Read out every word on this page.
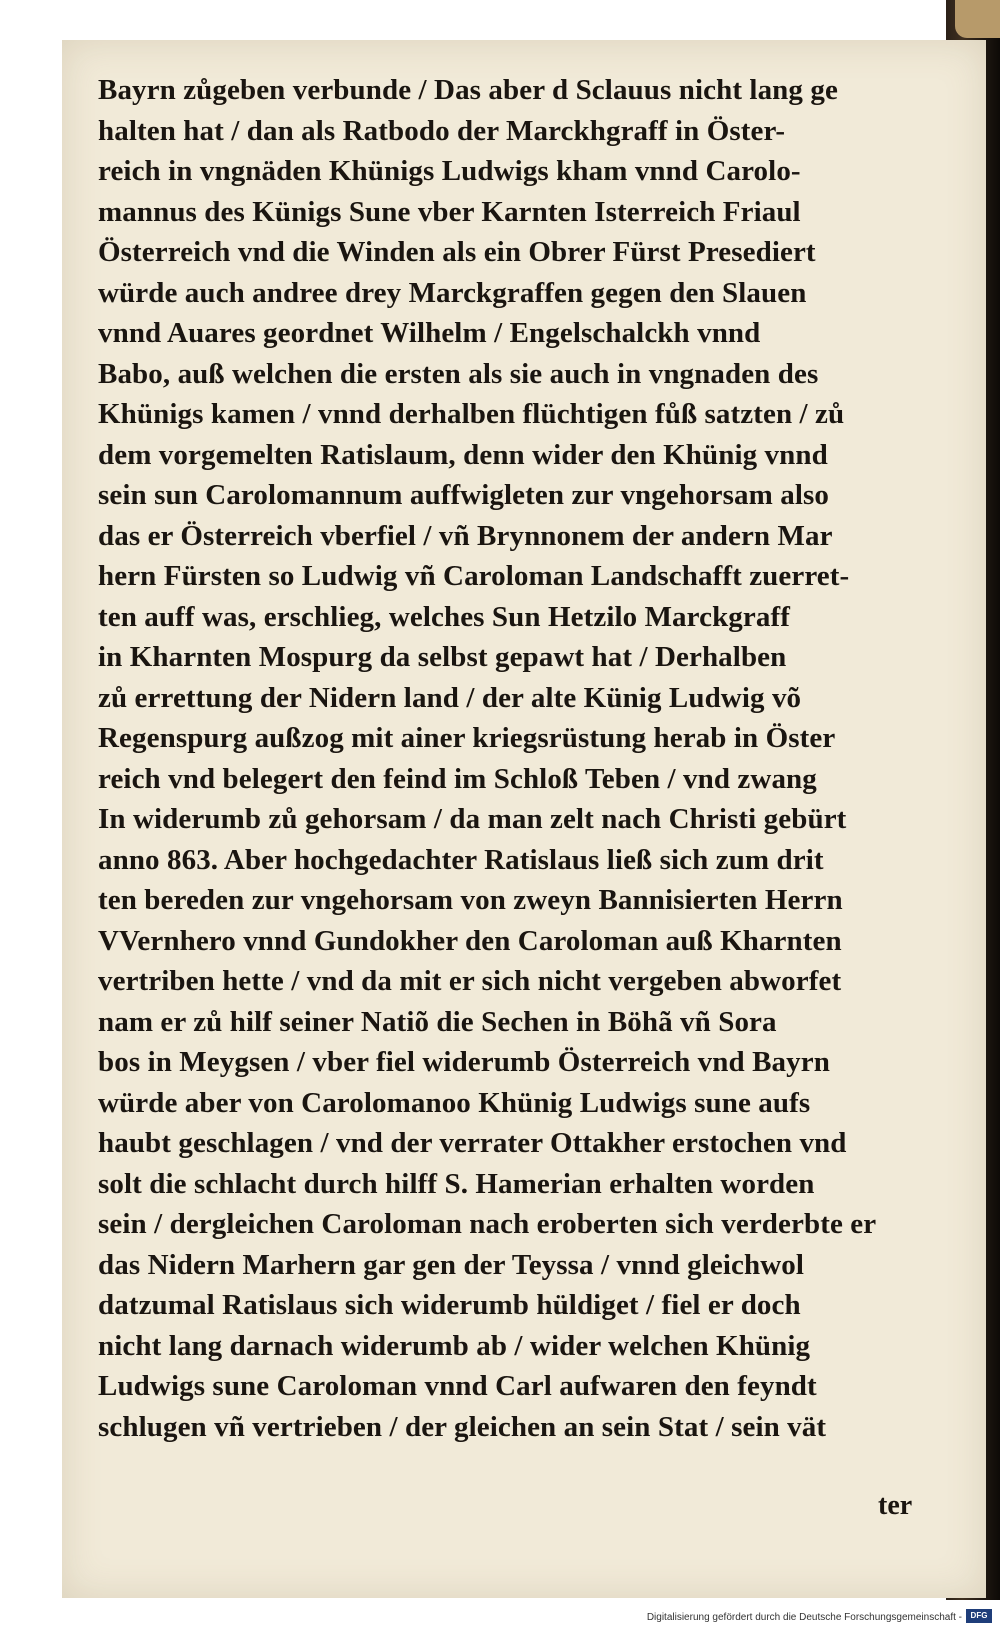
Bayrn zůgeben verbunde / Das aber d Sclauus nicht lang ge
halten hat / dan als Ratbodo der Marckhgraff in Öster-
reich in vngnäden Khünigs Ludwigs kham vnnd Carolo-
mannus des Künigs Sune vber Karnten Isterreich Friaul
Österreich vnd die Winden als ein Obrer Fürst Presediert
würde auch andree drey Marckgraffen gegen den Slauen
vnnd Auares geordnet Wilhelm / Engelschalckh vnnd
Babo, auß welchen die ersten als sie auch in vngnaden des
Khünigs kamen / vnnd derhalben flüchtigen fůß satzten / zů
dem vorgemelten Ratislaum, denn wider den Khünig vnnd
sein sun Carolomannum auffwigleten zur vngehorsam also
das er Österreich vberfiel / vñ Brynnonem der andern Mar
hern Fürsten so Ludwig vñ Caroloman Landschafft zuerret-
ten auff was, erschlieg, welches Sun Hetzilo Marckgraff
in Kharnten Mospurg da selbst gepawt hat / Derhalben
zů errettung der Nidern land / der alte Künig Ludwig võ
Regenspurg außzog mit ainer kriegsrüstung herab in Öster
reich vnd belegert den feind im Schloß Teben / vnd zwang
In widerumb zů gehorsam / da man zelt nach Christi gebürt
anno 863. Aber hochgedachter Ratislaus ließ sich zum drit
ten bereden zur vngehorsam von zweyn Bannisierten Herrn
VVernhero vnnd Gundokher den Caroloman auß Kharnten
vertriben hette / vnd da mit er sich nicht vergeben abworfet
nam er zů hilf seiner Natiõ die Sechen in Böhã vñ Sora
bos in Meygsen / vber fiel widerumb Österreich vnd Bayrn
würde aber von Carolomanoo Khünig Ludwigs sune aufs
haubt geschlagen / vnd der verrater Ottakher erstochen vnd
solt die schlacht durch hilff S. Hamerian erhalten worden
sein / dergleichen Caroloman nach eroberten sich verderbte er
das Nidern Marhern gar gen der Teyssa / vnnd gleichwol
datzumal Ratislaus sich widerumb hüldiget / fiel er doch
nicht lang darnach widerumb ab / wider welchen Khünig
Ludwigs sune Caroloman vnnd Carl aufwaren den feyndt
schlugen vñ vertrieben / der gleichen an sein Stat / sein vät
ter
Digitalisierung gefördert durch die Deutsche Forschungsgemeinschaft -	DFG
